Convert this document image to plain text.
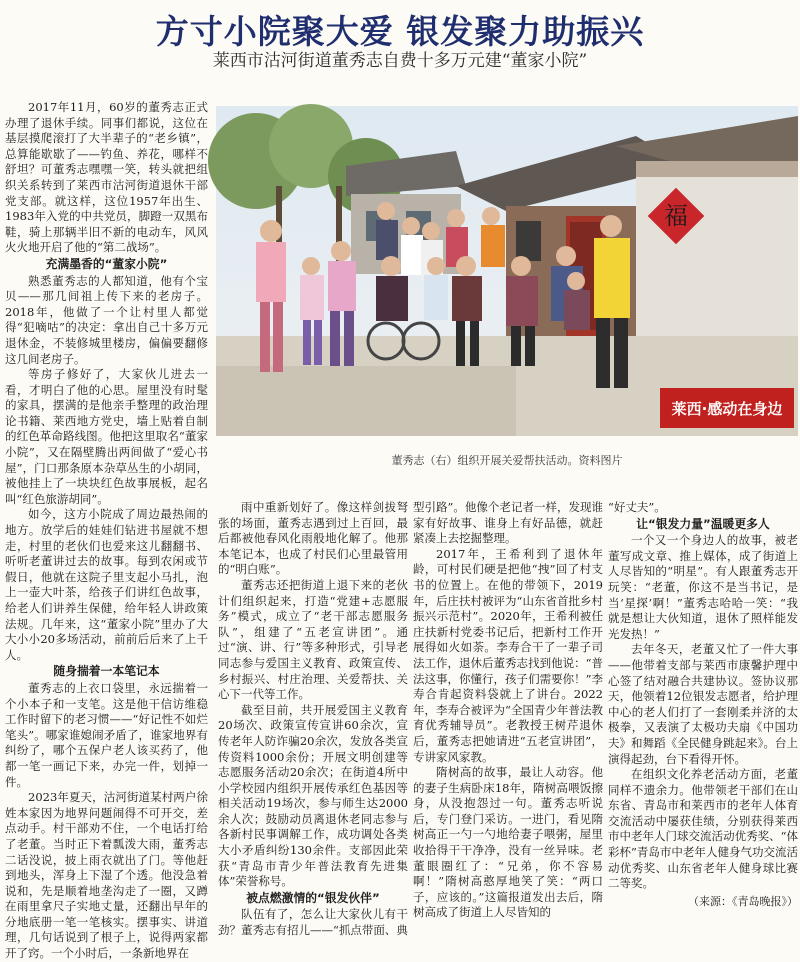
方寸小院聚大爱 银发聚力助振兴
莱西市沽河街道董秀志自费十多万元建“董家小院”

2017年11月，60岁的董秀志正式办理了退休手续。同事们都说，这位在基层摸爬滚打了大半辈子的“老乡镇”，总算能歇歇了——钓鱼、养花，哪样不舒坦？可董秀志嘿嘿一笑，转头就把组织关系转到了莱西市沽河街道退休干部党支部。就这样，这位1957年出生、1983年入党的中共党员，脚蹬一双黑布鞋，骑上那辆半旧不新的电动车，风风火火地开启了他的“第二战场”。

充满墨香的“董家小院”

熟悉董秀志的人都知道，他有个宝贝——那几间祖上传下来的老房子。2018年，他做了一个让村里人都觉得“犯嘀咕”的决定：拿出自己十多万元退休金，不装修城里楼房，偏偏要翻修这几间老房子。

等房子修好了，大家伙儿进去一看，才明白了他的心思。屋里没有时髦的家具，摆满的是他亲手整理的政治理论书籍、莱西地方党史，墙上贴着自制的红色革命路线图。他把这里取名“董家小院”，又在隔壁腾出两间做了“爱心书屋”，门口那条原本杂草丛生的小胡同，被他挂上了一块块红色故事展板，起名叫“红色旅游胡同”。

如今，这方小院成了周边最热闹的地方。放学后的娃娃们钻进书屋就不想走，村里的老伙们也爱来这儿翻翻书、听听老董讲过去的故事。每到农闲或节假日，他就在这院子里支起小马扎，泡上一壶大叶茶，给孩子们讲红色故事，给老人们讲养生保健，给年轻人讲政策法规。几年来，这“董家小院”里办了大大小小20多场活动，前前后后来了上千人。

随身揣着一本笔记本

董秀志的上衣口袋里，永远揣着一个小本子和一支笔。这是他干信访维稳工作时留下的老习惯——“好记性不如烂笔头”。哪家谁媳闹矛盾了，谁家地界有纠纷了，哪个五保户老人该买药了，他都一笔一画记下来，办完一件，划掉一件。

2023年夏天，沽河街道某村两户徐姓本家因为地界问题闹得不可开交，差点动手。村干部劝不住，一个电话打给了老董。当时正下着瓢泼大雨，董秀志二话没说，披上雨衣就出了门。等他赶到地头，浑身上下湿了个透。他没急着说和，先是顺着地垄沟走了一圈，又蹲在雨里拿尺子实地丈量，还翻出早年的分地底册一笔一笔核实。摆事实、讲道理，几句话说到了根子上，说得两家都开了窍。一个小时后，一条新地界在

福
莱西·感动在身边
董秀志（右）组织开展关爱帮扶活动。资料图片

雨中重新划好了。像这样剑拔弩张的场面，董秀志遇到过上百回，最后都被他春风化雨般地化解了。他那本笔记本，也成了村民们心里最管用的“明白账”。

董秀志还把街道上退下来的老伙计们组织起来，打造“党建+志愿服务”模式，成立了“老干部志愿服务队”，组建了“五老宣讲团”。通过“演、讲、行”等多种形式，引导老同志参与爱国主义教育、政策宣传、乡村振兴、村庄治理、关爱帮扶、关心下一代等工作。

截至目前，共开展爱国主义教育20场次、政策宣传宣讲60余次，宣传老年人防诈骗20余次，发放各类宣传资料1000余份；开展文明创建等志愿服务活动20余次；在街道4所中小学校园内组织开展传承红色基因等相关活动19场次，参与师生达2000余人次；鼓励动员离退休老同志参与各新村民事调解工作，成功调处各类大小矛盾纠纷130余件。支部因此荣获“青岛市青少年普法教育先进集体”荣誉称号。

被点燃激情的“银发伙伴”

队伍有了，怎么让大家伙儿有干劲？董秀志有招儿——“抓点带面、典

型引路”。他像个老记者一样，发现谁家有好故事、谁身上有好品德，就赶紧凑上去挖掘整理。

2017年，王希利到了退休年龄，可村民们硬是把他“拽”回了村支书的位置上。在他的带领下，2019年，后庄扶村被评为“山东省首批乡村振兴示范村”。2020年，王希利被任庄扶新村党委书记后，把新村工作开展得如火如荼。李寿合干了一辈子司法工作，退休后董秀志找到他说：“普法这事，你懂行，孩子们需要你！”李寿合肯起资料袋就上了讲台。2022年，李寿合被评为“全国青少年普法教育优秀辅导员”。老教授王树芹退休后，董秀志把她请进“五老宣讲团”，专讲家风家教。

隋树高的故事，最让人动容。他的妻子生病卧床18年，隋树高喂饭擦身，从没抱怨过一句。董秀志听说后，专门登门采访。一进门，看见隋树高正一勺一勺地给妻子喂粥，屋里收拾得干干净净，没有一丝异味。老董眼圈红了：“兄弟，你不容易啊！”隋树高憨厚地笑了笑：“两口子，应该的。”这篇报道发出去后，隋树高成了街道上人尽皆知的

“好丈夫”。

让“银发力量”温暖更多人

一个又一个身边人的故事，被老董写成文章、推上媒体，成了街道上人尽皆知的“明星”。有人跟董秀志开玩笑：“老董，你这不是当书记，是当‘星探’啊！”董秀志哈哈一笑：“我就是想让大伙知道，退休了照样能发光发热！”

去年冬天，老董又忙了一件大事——他带着支部与莱西市康馨护理中心签了结对融合共建协议。签协议那天，他领着12位银发志愿者，给护理中心的老人们打了一套刚柔并济的太极拳，又表演了太极功夫扇《中国功夫》和舞蹈《全民健身跳起来》。台上演得起劲，台下看得开怀。

在组织文化养老活动方面，老董同样不遗余力。他带领老干部们在山东省、青岛市和莱西市的老年人体育交流活动中屡获佳绩，分别获得莱西市中老年人门球交流活动优秀奖、“体彩杯”青岛市中老年人健身气功交流活动优秀奖、山东省老年人健身球比赛二等奖。

（来源：《青岛晚报》）
